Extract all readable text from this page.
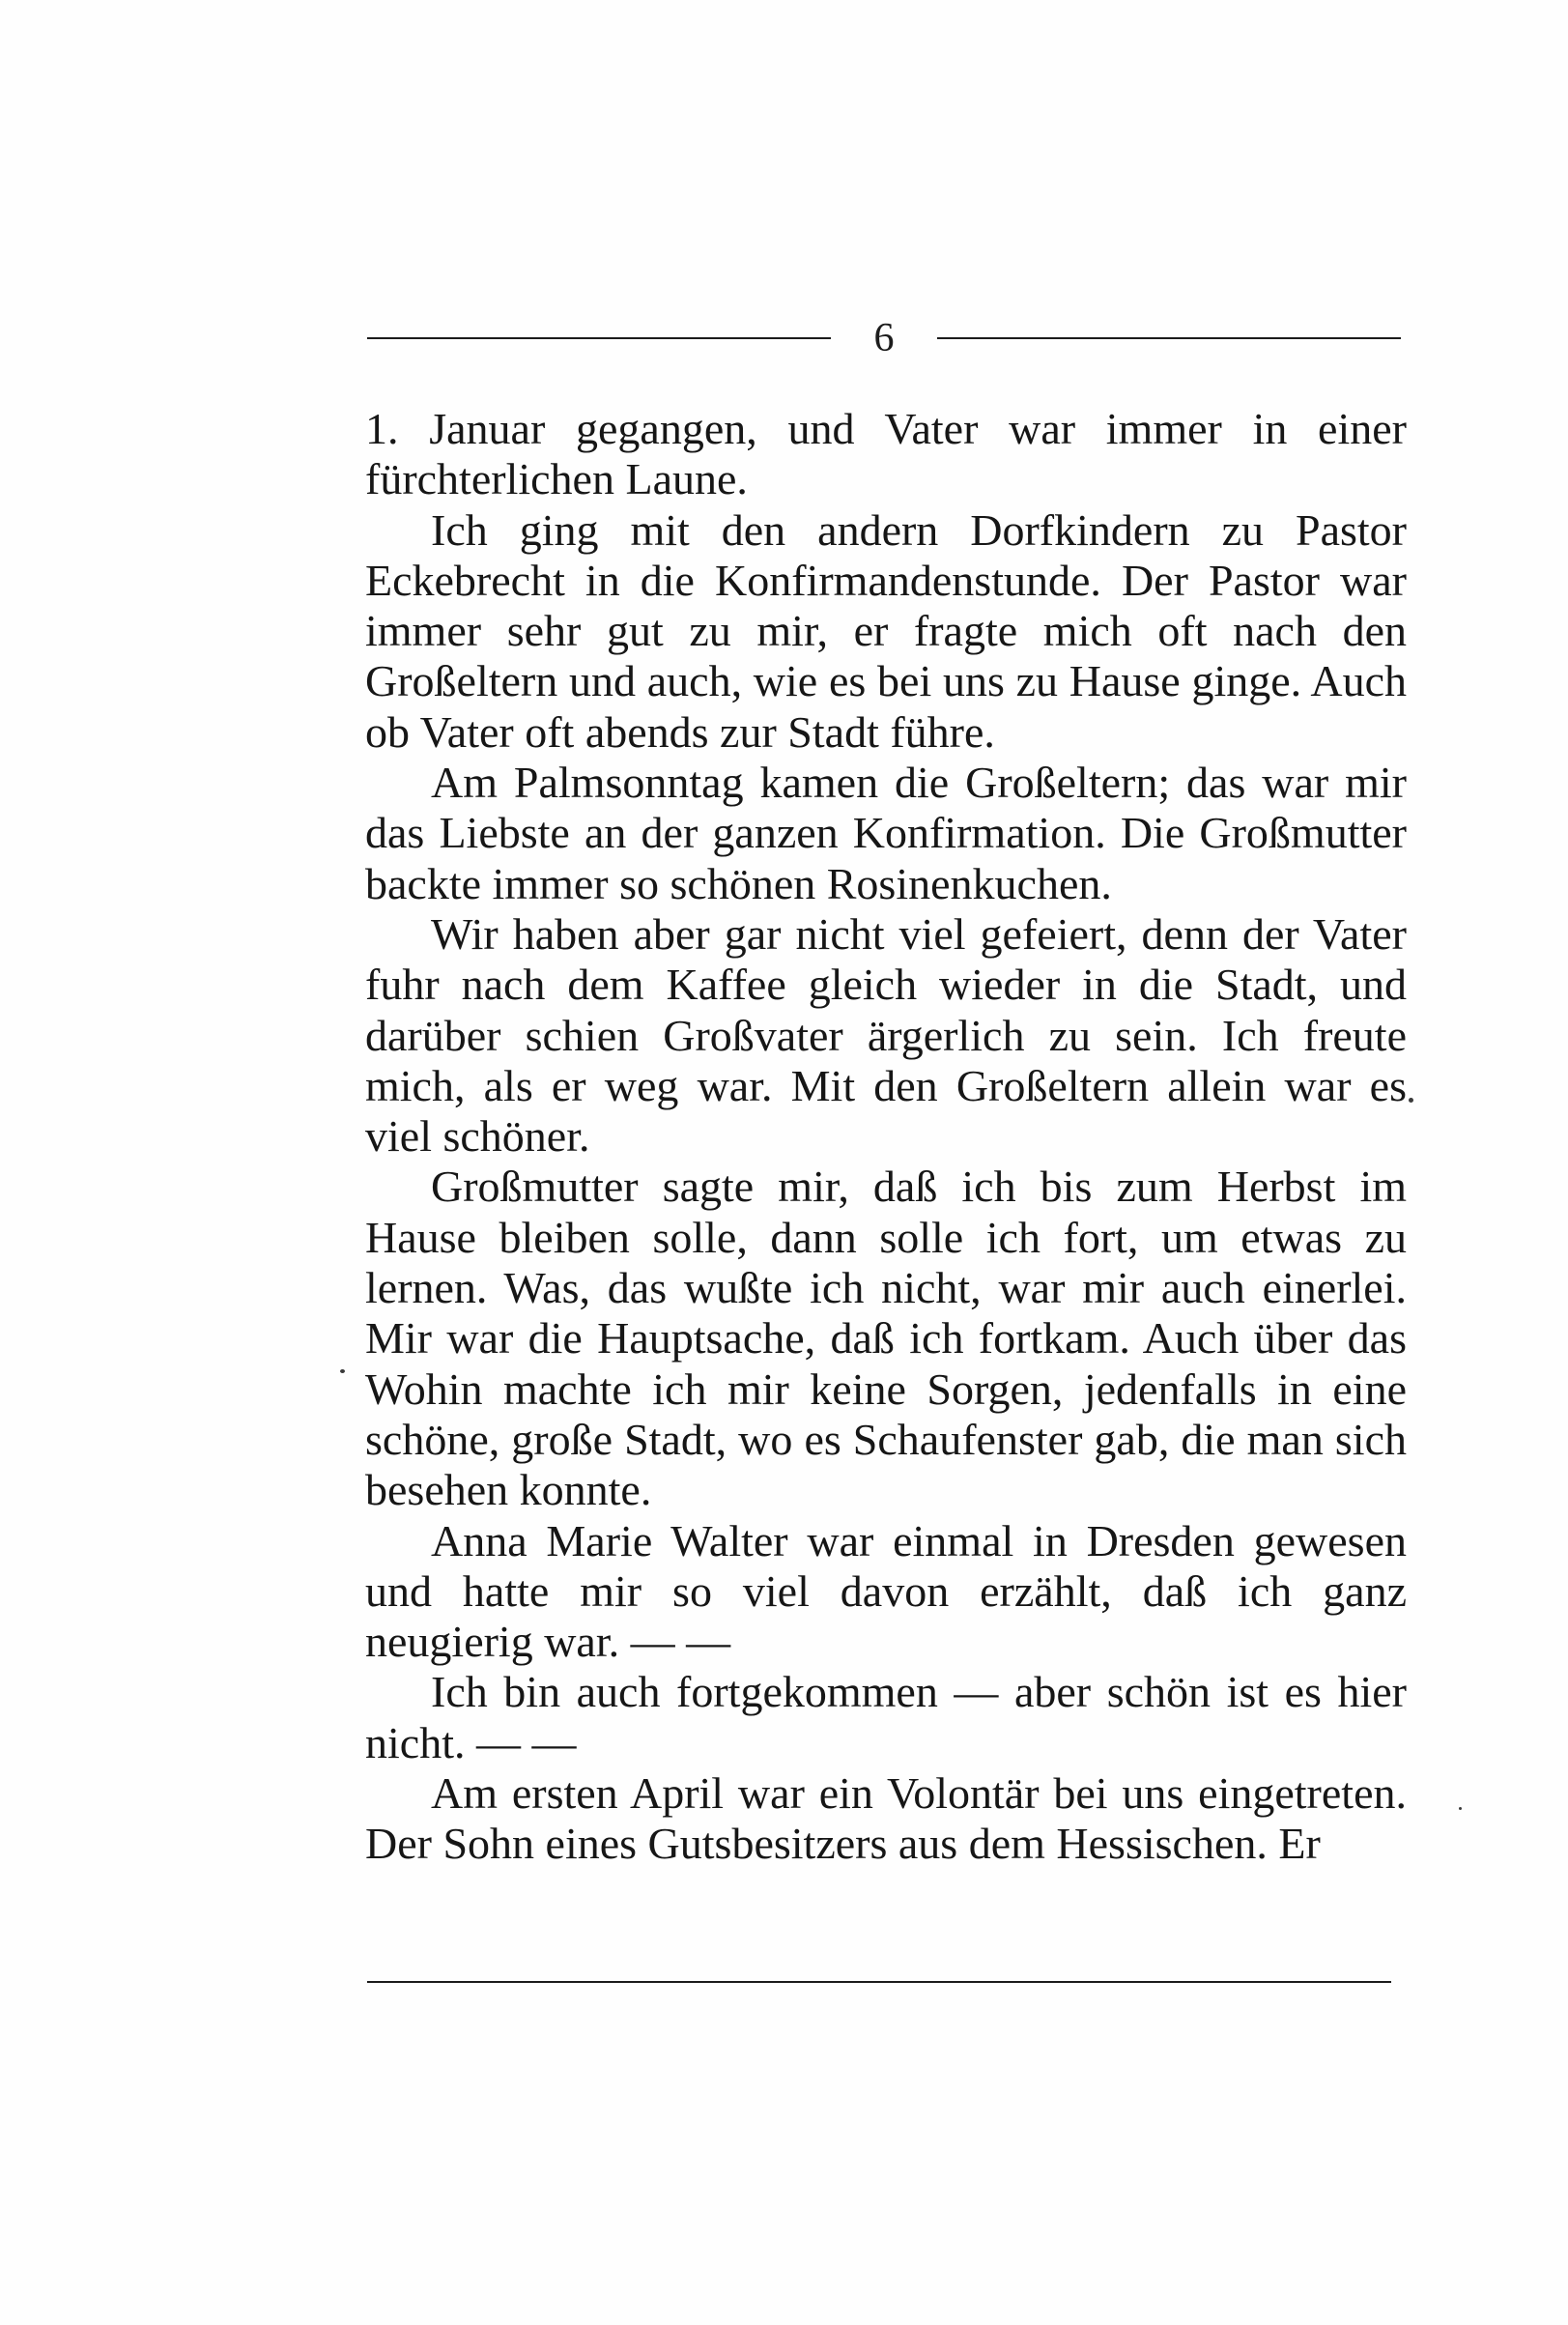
6

1. Januar gegangen, und Vater war immer in einer fürchterlichen Laune.

Ich ging mit den andern Dorfkindern zu Pastor Eckebrecht in die Konfirmandenstunde. Der Pastor war immer sehr gut zu mir, er fragte mich oft nach den Großeltern und auch, wie es bei uns zu Hause ginge. Auch ob Vater oft abends zur Stadt führe.

Am Palmsonntag kamen die Großeltern; das war mir das Liebste an der ganzen Konfirmation. Die Großmutter backte immer so schönen Rosinenkuchen.

Wir haben aber gar nicht viel gefeiert, denn der Vater fuhr nach dem Kaffee gleich wieder in die Stadt, und darüber schien Großvater ärgerlich zu sein. Ich freute mich, als er weg war. Mit den Großeltern allein war es viel schöner.

Großmutter sagte mir, daß ich bis zum Herbst im Hause bleiben solle, dann solle ich fort, um etwas zu lernen. Was, das wußte ich nicht, war mir auch einerlei. Mir war die Hauptsache, daß ich fortkam. Auch über das Wohin machte ich mir keine Sorgen, jedenfalls in eine schöne, große Stadt, wo es Schaufenster gab, die man sich besehen konnte.

Anna Marie Walter war einmal in Dresden gewesen und hatte mir so viel davon erzählt, daß ich ganz neugierig war. — —

Ich bin auch fortgekommen — aber schön ist es hier nicht. — —

Am ersten April war ein Volontär bei uns eingetreten. Der Sohn eines Gutsbesitzers aus dem Hessischen. Er
